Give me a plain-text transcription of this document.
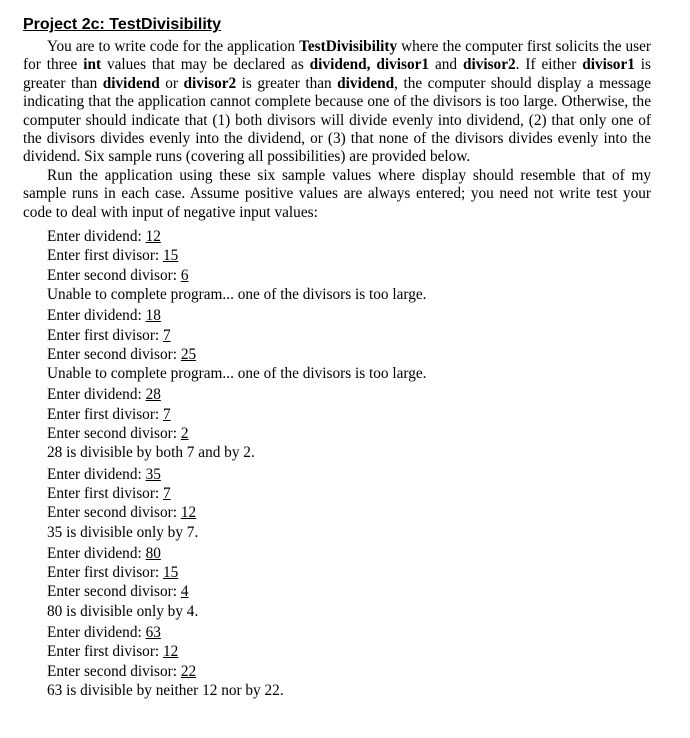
Project 2c: TestDivisibility

You are to write code for the application TestDivisibility where the computer first solicits the user for three int values that may be declared as dividend, divisor1 and divisor2. If either divisor1 is greater than dividend or divisor2 is greater than dividend, the computer should display a message indicating that the application cannot complete because one of the divisors is too large. Otherwise, the computer should indicate that (1) both divisors will divide evenly into dividend, (2) that only one of the divisors divides evenly into the dividend, or (3) that none of the divisors divides evenly into the dividend. Six sample runs (covering all possibilities) are provided below.

Run the application using these six sample values where display should resemble that of my sample runs in each case. Assume positive values are always entered; you need not write test your code to deal with input of negative input values:

Enter dividend: 12
Enter first divisor: 15
Enter second divisor: 6
Unable to complete program... one of the divisors is too large.
Enter dividend: 18
Enter first divisor: 7
Enter second divisor: 25
Unable to complete program... one of the divisors is too large.
Enter dividend: 28
Enter first divisor: 7
Enter second divisor: 2
28 is divisible by both 7 and by 2.
Enter dividend: 35
Enter first divisor: 7
Enter second divisor: 12
35 is divisible only by 7.
Enter dividend: 80
Enter first divisor: 15
Enter second divisor: 4
80 is divisible only by 4.
Enter dividend: 63
Enter first divisor: 12
Enter second divisor: 22
63 is divisible by neither 12 nor by 22.
